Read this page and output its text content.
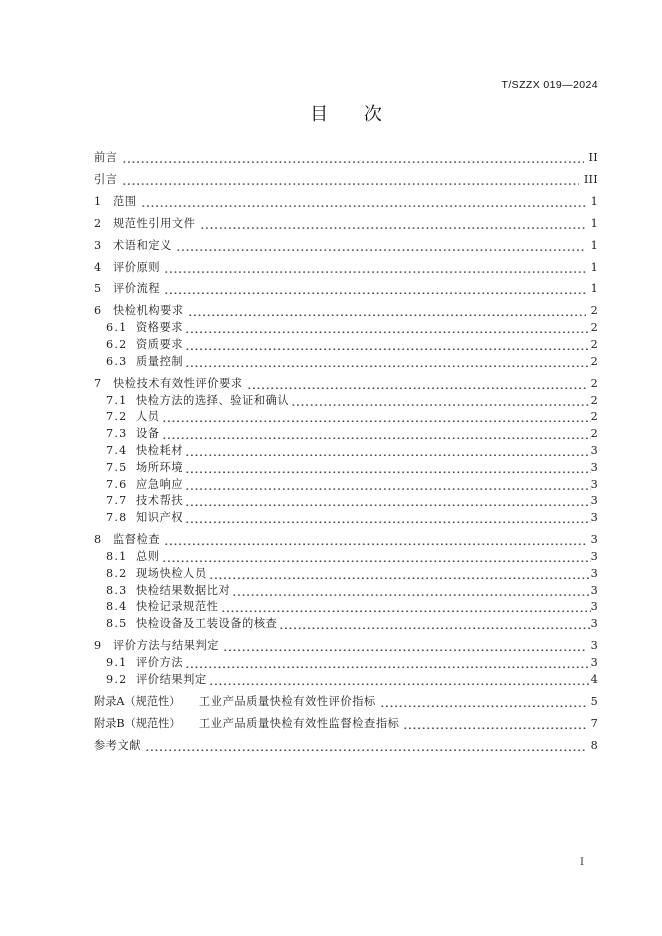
T/SZZX 019—2024
目 次
前言	II
引言	III
1	范围	1
2	规范性引用文件	1
3	术语和定义	1
4	评价原则	1
5	评价流程	1
6	快检机构要求	2
6.1 资格要求	2
6.2 资质要求	2
6.3 质量控制	2
7	快检技术有效性评价要求	2
7.1 快检方法的选择、验证和确认	2
7.2 人员	2
7.3 设备	2
7.4 快检耗材	3
7.5 场所环境	3
7.6 应急响应	3
7.7 技术帮扶	3
7.8 知识产权	3
8	监督检查	3
8.1 总则	3
8.2 现场快检人员	3
8.3 快检结果数据比对	3
8.4 快检记录规范性	3
8.5 快检设备及工装设备的核查	3
9	评价方法与结果判定	3
9.1 评价方法	3
9.2 评价结果判定	4
附录A（规范性）	工业产品质量快检有效性评价指标	5
附录B（规范性）	工业产品质量快检有效性监督检查指标	7
参考文献	8
I
